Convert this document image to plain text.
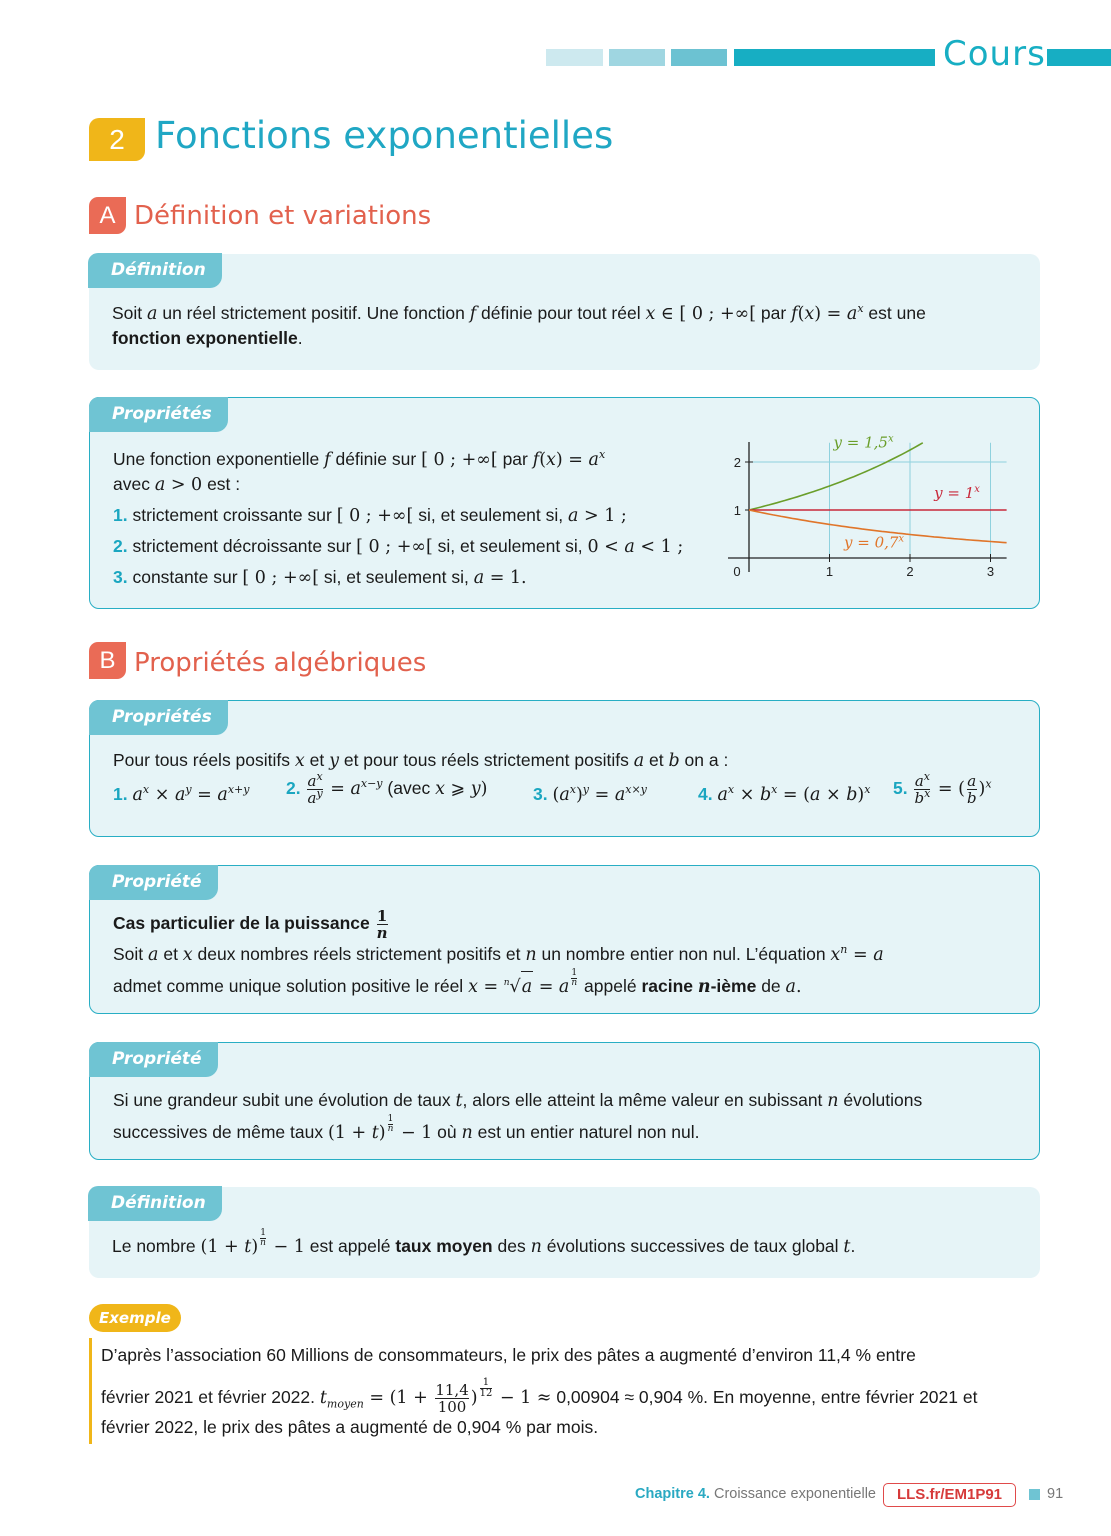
Cours
2 Fonctions exponentielles
A Définition et variations
Définition
Soit a un réel strictement positif. Une fonction f définie pour tout réel x ∈ [ 0 ; +∞[ par $f(x) = a^x$ est une
fonction exponentielle.
Propriétés
Une fonction exponentielle f définie sur [ 0 ; +∞[ par $f(x) = a^x$
avec a > 0 est :
1. strictement croissante sur [ 0 ; +∞[ si, et seulement si, a > 1 ;
2. strictement décroissante sur [ 0 ; +∞[ si, et seulement si, 0 < a < 1 ;
3. constante sur [ 0 ; +∞[ si, et seulement si, a = 1.	0	1	2	3
1
2
$y = 1,5^x$
$y = 1^x$
$y = 0,7^x$
B Propriétés algébriques
Propriétés
Pour tous réels positifs x et y et pour tous réels strictement positifs a et b on a :
1. $a^x \times a^y = a^{x+y}$ 2. $\frac{a^x}{a^y} = a^{x-y}$ (avec x ⩾ y)	3. $(a^x)^y = a^{x\times y}$	4. $a^x \times b^x = (a \times b)^x$ 5. $\frac{a^x}{b^x}$ = ( $\frac{a}{b} )^x$
Propriété
Cas particulier de la puissance $\frac{1}{n}$
Soit a et x deux nombres réels strictement positifs et n un nombre entier non nul. L’équation $x^n = a$
admet comme unique solution positive le réel x = $^n$√a = a $^{\frac{1}{n}}$ appelé racine n-ième de a.
Propriété
Si une grandeur subit une évolution de taux t, alors elle atteint la même valeur en subissant n évolutions
successives de même taux (1 + t) $^{\frac{1}{n}}$ − 1 où n est un entier naturel non nul.
Définition
Le nombre (1 + t) $^{\frac{1}{n}}$ − 1 est appelé taux moyen des n évolutions successives de taux global t.
Exemple
D’après l’association 60 Millions de consommateurs, le prix des pâtes a augmenté d’environ 11,4 % entre
février 2021 et février 2022. $t_{moyen} = (1 + \frac{11,4}{100}$ ) $^{\frac{1}{12}}$ − 1 ≈ 0,00904 ≈ 0,904 %. En moyenne, entre février 2021 et
février 2022, le prix des pâtes a augmenté de 0,904 % par mois.
Chapitre 4. Croissance exponentielle	LLS.fr/EM1P91	91
